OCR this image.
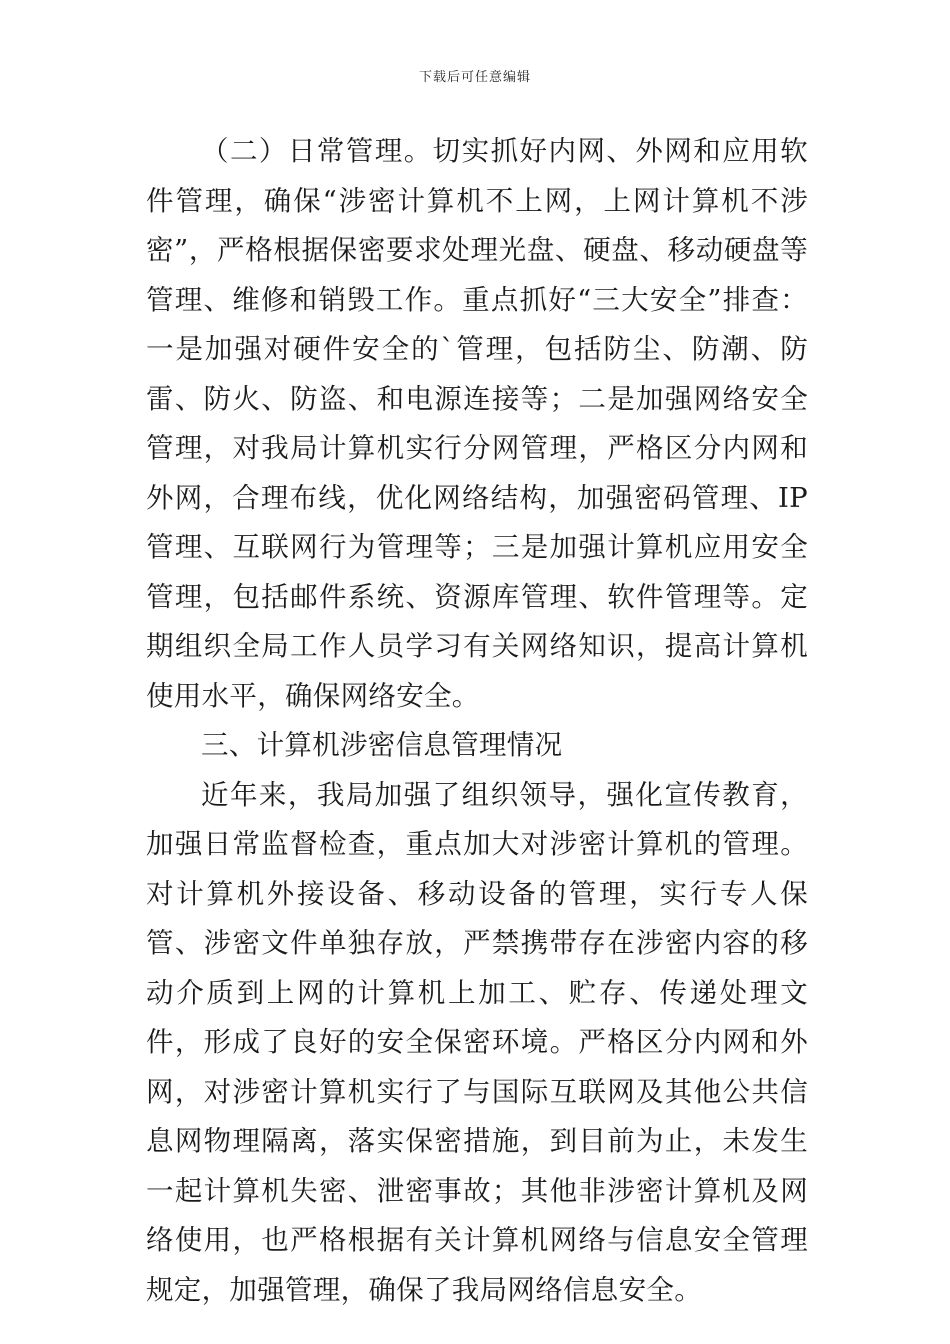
下载后可任意编辑

（二）日常管理。切实抓好内网、外网和应用软件管理，确保“涉密计算机不上网，上网计算机不涉密”，严格根据保密要求处理光盘、硬盘、移动硬盘等管理、维修和销毁工作。重点抓好“三大安全”排查：一是加强对硬件安全的`管理，包括防尘、防潮、防雷、防火、防盗、和电源连接等；二是加强网络安全管理，对我局计算机实行分网管理，严格区分内网和外网，合理布线，优化网络结构，加强密码管理、IP管理、互联网行为管理等；三是加强计算机应用安全管理，包括邮件系统、资源库管理、软件管理等。定期组织全局工作人员学习有关网络知识，提高计算机使用水平，确保网络安全。

三、计算机涉密信息管理情况

近年来，我局加强了组织领导，强化宣传教育，加强日常监督检查，重点加大对涉密计算机的管理。对计算机外接设备、移动设备的管理，实行专人保管、涉密文件单独存放，严禁携带存在涉密内容的移动介质到上网的计算机上加工、贮存、传递处理文件，形成了良好的安全保密环境。严格区分内网和外网，对涉密计算机实行了与国际互联网及其他公共信息网物理隔离，落实保密措施，到目前为止，未发生一起计算机失密、泄密事故；其他非涉密计算机及网络使用，也严格根据有关计算机网络与信息安全管理规定，加强管理，确保了我局网络信息安全。
